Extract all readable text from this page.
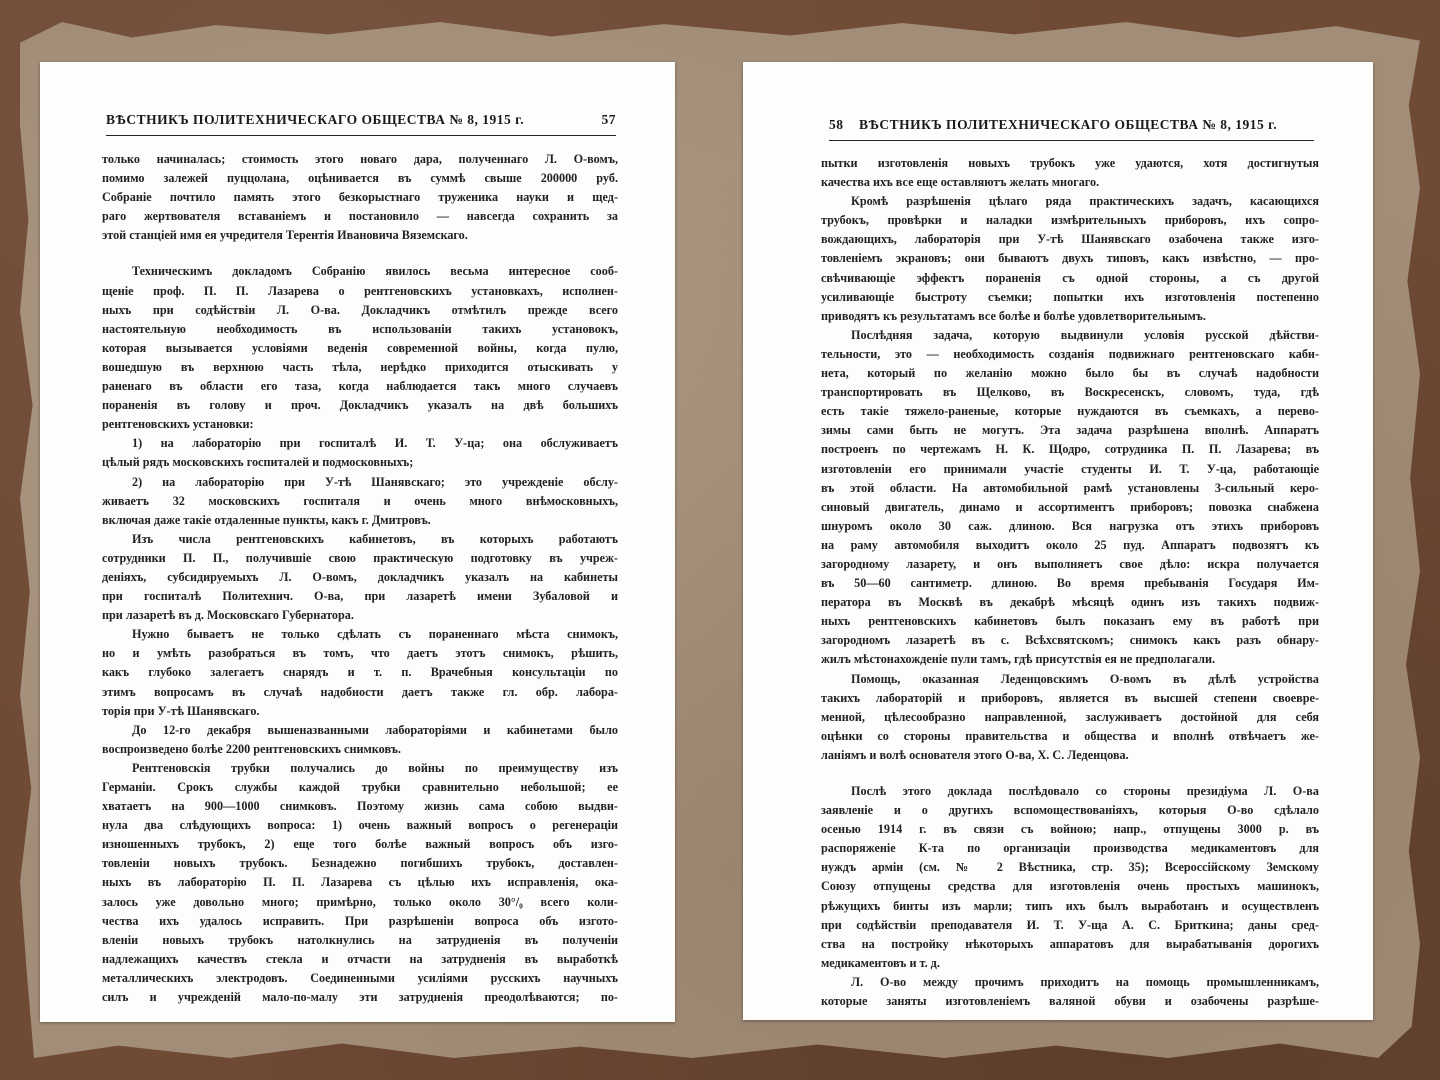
ВѢСТНИКЪ ПОЛИТЕХНИЧЕСКАГО ОБЩЕСТВА № 8, 1915 г.	57
только начиналась; стоимость этого новаго дара, полученнаго Л. О-вомъ,
помимо залежей пуццолана, оцѣнивается въ суммѣ свыше 200000 руб.
Собраніе почтило память этого безкорыстнаго труженика науки и щед-
раго жертвователя вставаніемъ и постановило — навсегда сохранить за
этой станціей имя ея учредителя Терентія Ивановича Вяземскаго.
Техническимъ докладомъ Собранію явилось весьма интересное сооб-
щеніе проф. П. П. Лазарева о рентгеновскихъ установкахъ, исполнен-
ныхъ при содѣйствіи Л. О-ва. Докладчикъ отмѣтилъ прежде всего
настоятельную необходимость въ использованіи такихъ установокъ,
которая вызывается условіями веденія современной войны, когда пулю,
вошедшую въ верхнюю часть тѣла, нерѣдко приходится отыскивать у
раненаго въ области его таза, когда наблюдается такъ много случаевъ
пораненія въ голову и проч. Докладчикъ указалъ на двѣ большихъ
рентгеновскихъ установки:
1) на лабораторію при госпиталѣ И. Т. У-ца; она обслуживаетъ
цѣлый рядъ московскихъ госпиталей и подмосковныхъ;
2) на лабораторію при У-тѣ Шанявскаго; это учрежденіе обслу-
живаетъ 32 московскихъ госпиталя и очень много внѣмосковныхъ,
включая даже такіе отдаленные пункты, какъ г. Дмитровъ.
Изъ числа рентгеновскихъ кабинетовъ, въ которыхъ работаютъ
сотрудники П. П., получившіе свою практическую подготовку въ учреж-
деніяхъ, субсидируемыхъ Л. О-вомъ, докладчикъ указалъ на кабинеты
при госпиталѣ Политехнич. О-ва, при лазаретѣ имени Зубаловой и
при лазаретѣ въ д. Московскаго Губернатора.
Нужно бываетъ не только сдѣлать съ пораненнаго мѣста снимокъ,
но и умѣть разобраться въ томъ, что даетъ этотъ снимокъ, рѣшить,
какъ глубоко залегаетъ снарядъ и т. п. Врачебныя консультаціи по
этимъ вопросамъ въ случаѣ надобности даетъ также гл. обр. лабора-
торія при У-тѣ Шанявскаго.
До 12-го декабря вышеназванными лабораторіями и кабинетами было
воспроизведено болѣе 2200 рентгеновскихъ снимковъ.
Рентгеновскія трубки получались до войны по преимуществу изъ
Германіи. Срокъ службы каждой трубки сравнительно небольшой; ее
хватаетъ на 900—1000 снимковъ. Поэтому жизнь сама собою выдви-
нула два слѣдующихъ вопроса: 1) очень важный вопросъ о регенераціи
изношенныхъ трубокъ, 2) еще того болѣе важный вопросъ объ изго-
товленіи новыхъ трубокъ. Безнадежно погибшихъ трубокъ, доставлен-
ныхъ въ лабораторію П. П. Лазарева съ цѣлью ихъ исправленія, ока-
залось уже довольно много; примѣрно, только около 30°/₀ всего коли-
чества ихъ удалось исправить. При разрѣшеніи вопроса объ изгото-
вленіи новыхъ трубокъ натолкнулись на затрудненія въ полученіи
надлежащихъ качествъ стекла и отчасти на затрудненія въ выработкѣ
металлическихъ электродовъ. Соединенными усиліями русскихъ научныхъ
силъ и учрежденій мало-по-малу эти затрудненія преодолѣваются; по-
58 ВѢСТНИКЪ ПОЛИТЕХНИЧЕСКАГО ОБЩЕСТВА № 8, 1915 г.
пытки изготовленія новыхъ трубокъ уже удаются, хотя достигнутыя
качества ихъ все еще оставляютъ желать многаго.
Кромѣ разрѣшенія цѣлаго ряда практическихъ задачъ, касающихся
трубокъ, провѣрки и наладки измѣрительныхъ приборовъ, ихъ сопро-
вождающихъ, лабораторія при У-тѣ Шанявскаго озабочена также изго-
товленіемъ экрановъ; они бываютъ двухъ типовъ, какъ извѣстно, — про-
свѣчивающіе эффектъ пораненія съ одной стороны, а съ другой
усиливающіе быстроту съемки; попытки ихъ изготовленія постепенно
приводятъ къ результатамъ все болѣе и болѣе удовлетворительнымъ.
Послѣдняя задача, которую выдвинули условія русской дѣйстви-
тельности, это — необходимость созданія подвижнаго рентгеновскаго каби-
нета, который по желанію можно было бы въ случаѣ надобности
транспортировать въ Щелково, въ Воскресенскъ, словомъ, туда, гдѣ
есть такіе тяжело-раненые, которые нуждаются въ съемкахъ, а перево-
зимы сами быть не могутъ. Эта задача разрѣшена вполнѣ. Аппаратъ
построенъ по чертежамъ Н. К. Щодро, сотрудника П. П. Лазарева; въ
изготовленіи его принимали участіе студенты И. Т. У-ца, работающіе
въ этой области. На автомобильной рамѣ установлены 3-сильный керо-
синовый двигатель, динамо и ассортиментъ приборовъ; повозка снабжена
шнуромъ около 30 саж. длиною. Вся нагрузка отъ этихъ приборовъ
на раму автомобиля выходитъ около 25 пуд. Аппаратъ подвозятъ къ
загородному лазарету, и онъ выполняетъ свое дѣло: искра получается
въ 50—60 сантиметр. длиною. Во время пребыванія Государя Им-
ператора въ Москвѣ въ декабрѣ мѣсяцѣ одинъ изъ такихъ подвиж-
ныхъ рентгеновскихъ кабинетовъ былъ показанъ ему въ работѣ при
загородномъ лазаретѣ въ с. Всѣхсвятскомъ; снимокъ какъ разъ обнару-
жилъ мѣстонахожденіе пули тамъ, гдѣ присутствія ея не предполагали.
Помощь, оказанная Леденцовскимъ О-вомъ въ дѣлѣ устройства
такихъ лабораторій и приборовъ, является въ высшей степени своевре-
менной, цѣлесообразно направленной, заслуживаетъ достойной для себя
оцѣнки со стороны правительства и общества и вполнѣ отвѣчаетъ же-
ланіямъ и волѣ основателя этого О-ва, Х. С. Леденцова.
Послѣ этого доклада послѣдовало со стороны президіума Л. О-ва
заявленіе и о другихъ вспомоществованіяхъ, которыя О-во сдѣлало
осенью 1914 г. въ связи съ войною; напр., отпущены 3000 р. въ
распоряженіе К-та по организаціи производства медикаментовъ для
нуждъ арміи (см. № 2 Вѣстника, стр. 35); Всероссійскому Земскому
Союзу отпущены средства для изготовленія очень простыхъ машинокъ,
рѣжущихъ бинты изъ марли; типъ ихъ былъ выработанъ и осуществленъ
при содѣйствіи преподавателя И. Т. У-ща А. С. Бриткина; даны сред-
ства на постройку нѣкоторыхъ аппаратовъ для вырабатыванія дорогихъ
медикаментовъ и т. д.
Л. О-во между прочимъ приходитъ на помощь промышленникамъ,
которые заняты изготовленіемъ валяной обуви и озабочены разрѣше-
